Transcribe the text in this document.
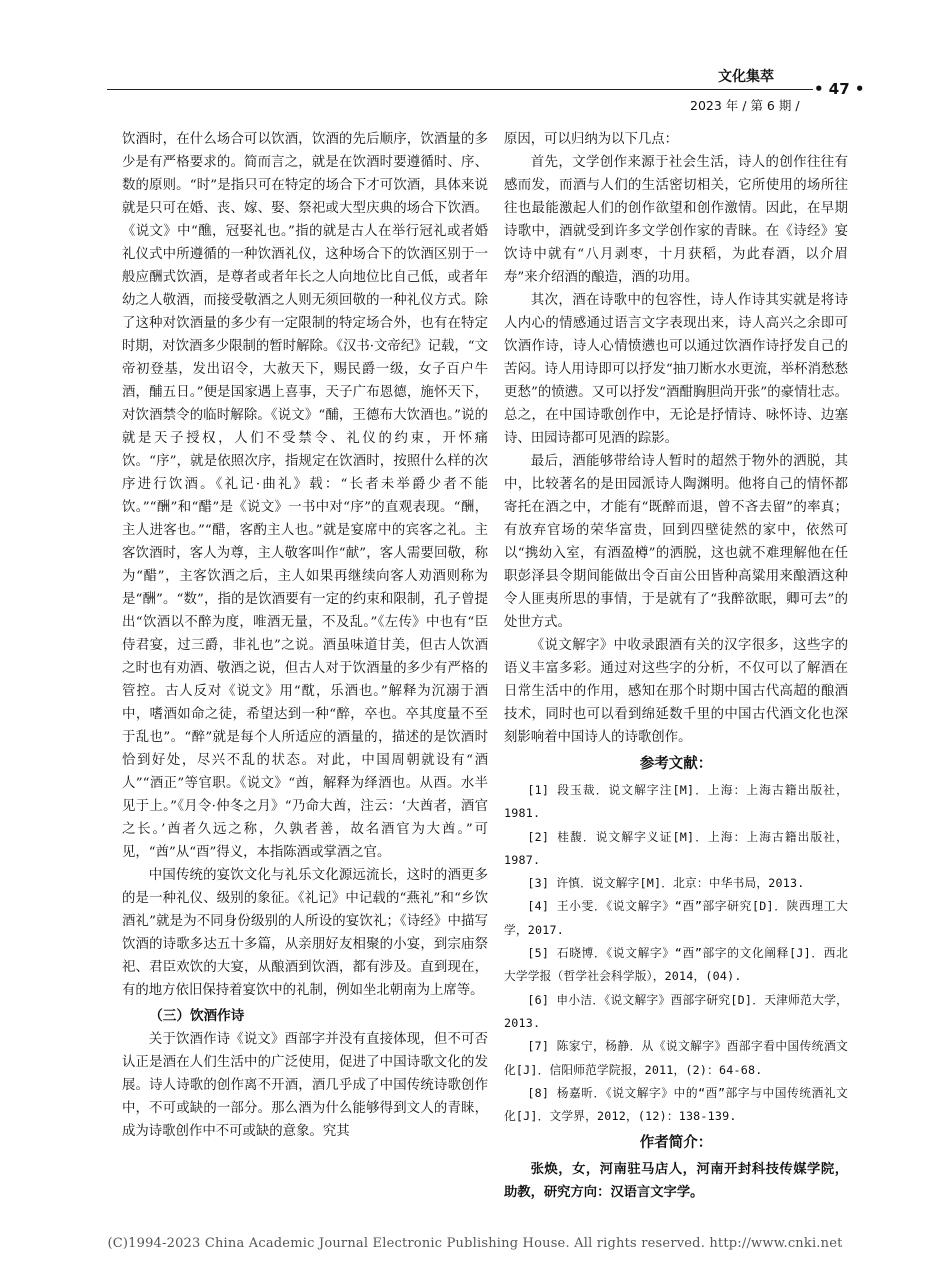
文化集萃
• 47 •
2023 年 / 第 6 期 /

饮酒时，在什么场合可以饮酒，饮酒的先后顺序，饮酒量的多少是有严格要求的。简而言之，就是在饮酒时要遵循时、序、数的原则。“时”是指只可在特定的场合下才可饮酒，具体来说就是只可在婚、丧、嫁、娶、祭祀或大型庆典的场合下饮酒。《说文》中“醮，冠娶礼也。”指的就是古人在举行冠礼或者婚礼仪式中所遵循的一种饮酒礼仪，这种场合下的饮酒区别于一般应酬式饮酒，是尊者或者年长之人向地位比自己低，或者年幼之人敬酒，而接受敬酒之人则无须回敬的一种礼仪方式。除了这种对饮酒量的多少有一定限制的特定场合外，也有在特定时期，对饮酒多少限制的暂时解除。《汉书·文帝纪》记载，“文帝初登基，发出诏令，大赦天下，赐民爵一级，女子百户牛酒，酺五日。”便是国家遇上喜事，天子广布恩德，施怀天下，对饮酒禁令的临时解除。《说文》“酺，王德布大饮酒也。”说的就是天子授权，人们不受禁令、礼仪的约束，开怀痛饮。“序”，就是依照次序，指规定在饮酒时，按照什么样的次序进行饮酒。《礼记·曲礼》载：“长者未举爵少者不能饮。”“酬”和“醋”是《说文》一书中对“序”的直观表现。“酬，主人进客也。”“醋，客酌主人也。”就是宴席中的宾客之礼。主客饮酒时，客人为尊，主人敬客叫作“献”，客人需要回敬，称为“醋”，主客饮酒之后，主人如果再继续向客人劝酒则称为是“酬”。“数”，指的是饮酒要有一定的约束和限制，孔子曾提出“饮酒以不醉为度，唯酒无量，不及乱。”《左传》中也有“臣侍君宴，过三爵，非礼也”之说。酒虽味道甘美，但古人饮酒之时也有劝酒、敬酒之说，但古人对于饮酒量的多少有严格的管控。古人反对《说文》用“酖，乐酒也。”解释为沉溺于酒中，嗜酒如命之徒，希望达到一种“醉，卒也。卒其度量不至于乱也”。“醉”就是每个人所适应的酒量的，描述的是饮酒时恰到好处，尽兴不乱的状态。对此，中国周朝就设有“酒人”“酒正”等官职。《说文》“酋，解释为绎酒也。从酉。水半见于上。”《月令·仲冬之月》“乃命大酋，注云：‘大酋者，酒官之长。’酋者久远之称，久孰者善，故名酒官为大酋。”可见，“酋”从“酉”得义，本指陈酒或掌酒之官。

中国传统的宴饮文化与礼乐文化源远流长，这时的酒更多的是一种礼仪、级别的象征。《礼记》中记载的“燕礼”和“乡饮酒礼”就是为不同身份级别的人所设的宴饮礼；《诗经》中描写饮酒的诗歌多达五十多篇，从亲朋好友相聚的小宴，到宗庙祭祀、君臣欢饮的大宴，从酿酒到饮酒，都有涉及。直到现在，有的地方依旧保持着宴饮中的礼制，例如坐北朝南为上席等。

（三）饮酒作诗

关于饮酒作诗《说文》酉部字并没有直接体现，但不可否认正是酒在人们生活中的广泛使用，促进了中国诗歌文化的发展。诗人诗歌的创作离不开酒，酒几乎成了中国传统诗歌创作中，不可或缺的一部分。那么酒为什么能够得到文人的青睐，成为诗歌创作中不可或缺的意象。究其

原因，可以归纳为以下几点：

首先，文学创作来源于社会生活，诗人的创作往往有感而发，而酒与人们的生活密切相关，它所使用的场所往往也最能激起人们的创作欲望和创作激情。因此，在早期诗歌中，酒就受到许多文学创作家的青睐。在《诗经》宴饮诗中就有“八月剥枣，十月获稻，为此春酒，以介眉寿”来介绍酒的酿造，酒的功用。

其次，酒在诗歌中的包容性，诗人作诗其实就是将诗人内心的情感通过语言文字表现出来，诗人高兴之余即可饮酒作诗，诗人心情愤懑也可以通过饮酒作诗抒发自己的苦闷。诗人用诗即可以抒发“抽刀断水水更流，举杯消愁愁更愁”的愤懑。又可以抒发“酒酣胸胆尚开张”的豪情壮志。总之，在中国诗歌创作中，无论是抒情诗、咏怀诗、边塞诗、田园诗都可见酒的踪影。

最后，酒能够带给诗人暂时的超然于物外的洒脱，其中，比较著名的是田园派诗人陶渊明。他将自己的情怀都寄托在酒之中，才能有“既醉而退，曾不吝去留”的率真；有放弃官场的荣华富贵，回到四壁徒然的家中，依然可以“携幼入室，有酒盈樽”的洒脱，这也就不难理解他在任职彭泽县令期间能做出令百亩公田皆种高粱用来酿酒这种令人匪夷所思的事情，于是就有了“我醉欲眠，卿可去”的处世方式。

《说文解字》中收录跟酒有关的汉字很多，这些字的语义丰富多彩。通过对这些字的分析，不仅可以了解酒在日常生活中的作用，感知在那个时期中国古代高超的酿酒技术，同时也可以看到绵延数千里的中国古代酒文化也深刻影响着中国诗人的诗歌创作。

参考文献：
[1] 段玉裁．说文解字注[M]．上海：上海古籍出版社，1981.
[2] 桂馥．说文解字义证[M]．上海：上海古籍出版社，1987.
[3] 许慎．说文解字[M]．北京：中华书局，2013.
[4] 王小雯．《说文解字》“酉”部字研究[D]．陕西理工大学，2017.
[5] 石晓博．《说文解字》“酉”部字的文化阐释[J]．西北大学学报（哲学社会科学版），2014，(04).
[6] 申小洁．《说文解字》酉部字研究[D]．天津师范大学，2013.
[7] 陈家宁，杨静．从《说文解字》酉部字看中国传统酒文化[J]．信阳师范学院报，2011，(2)：64-68.
[8] 杨嘉昕．《说文解字》中的“酉”部字与中国传统酒礼文化[J]．文学界，2012，(12)：138-139.
作者简介：

张焕，女，河南驻马店人，河南开封科技传媒学院，助教，研究方向：汉语言文字学。

(C)1994-2023 China Academic Journal Electronic Publishing House. All rights reserved. http://www.cnki.net
